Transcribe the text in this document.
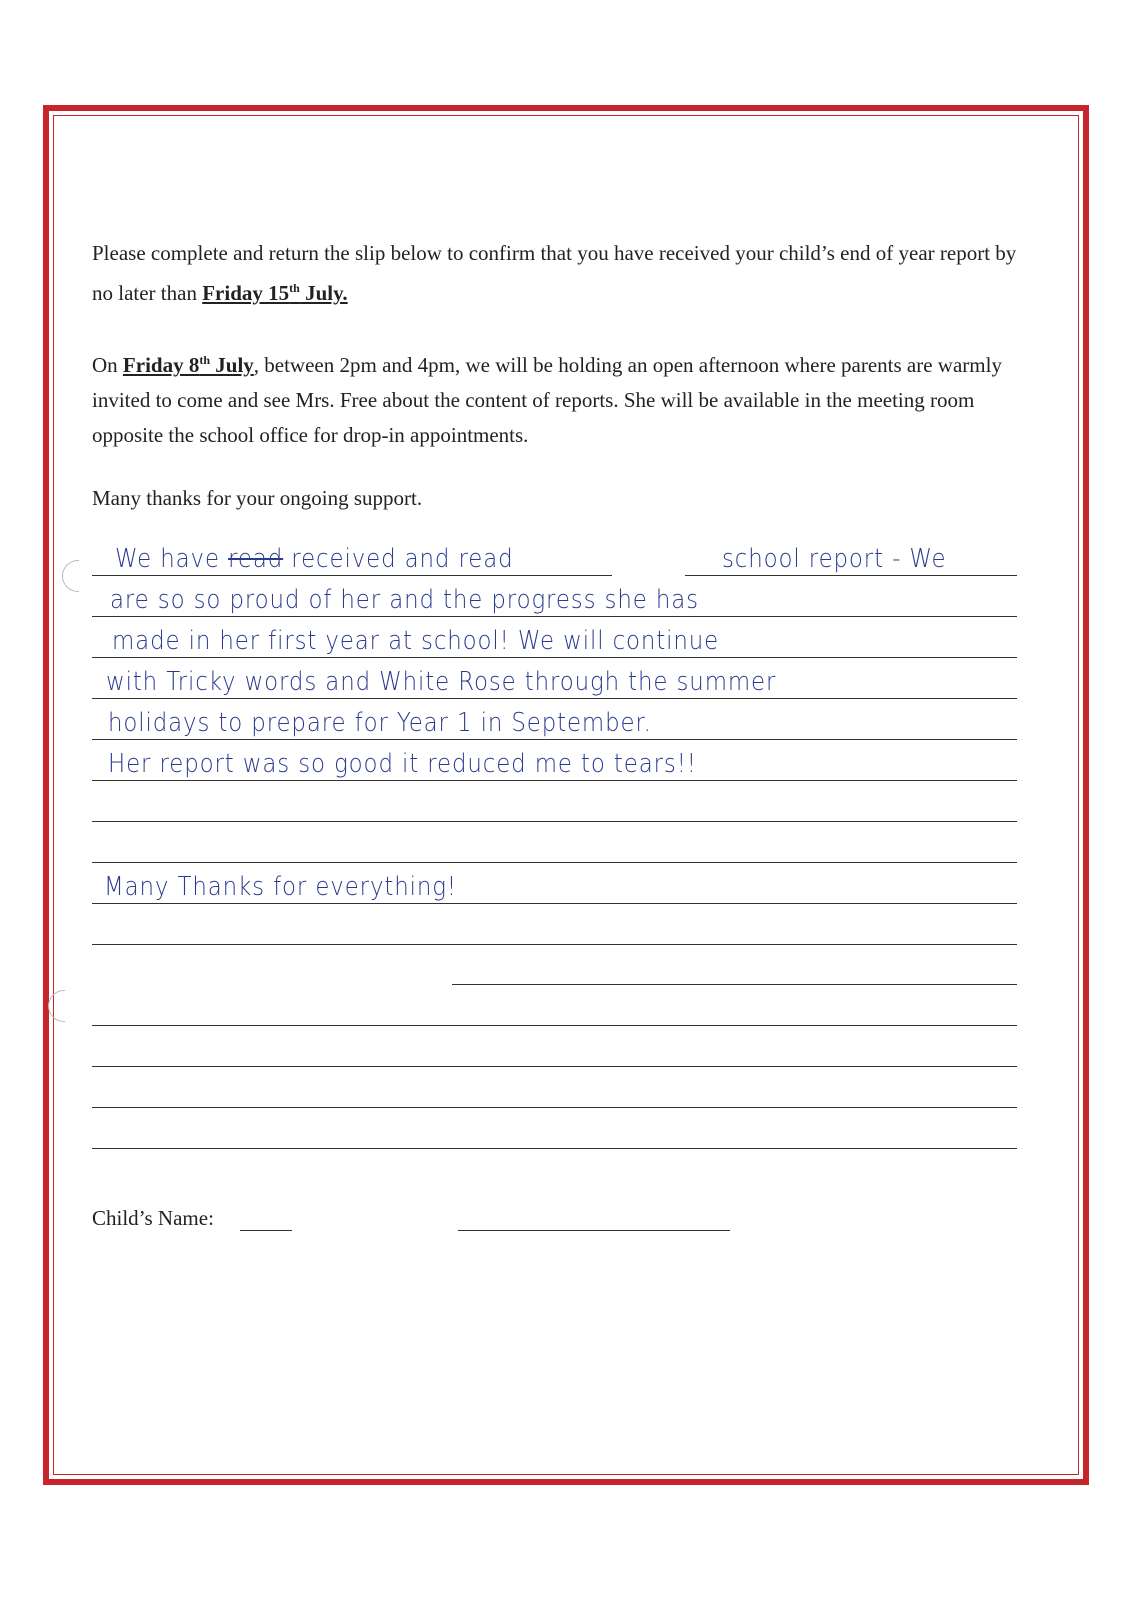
Please complete and return the slip below to confirm that you have received your child’s end of year report by no later than Friday 15th July.

On Friday 8th July, between 2pm and 4pm, we will be holding an open afternoon where parents are warmly invited to come and see Mrs. Free about the content of reports. She will be available in the meeting room opposite the school office for drop-in appointments.

Many thanks for your ongoing support.

We have read received and read	school report - We
are so so proud of her and the progress she has
made in her first year at school! We will continue
with Tricky words and White Rose through the summer
holidays to prepare for Year 1 in September.
Her report was so good it reduced me to tears!!
Many Thanks for everything!
Child’s Name:
